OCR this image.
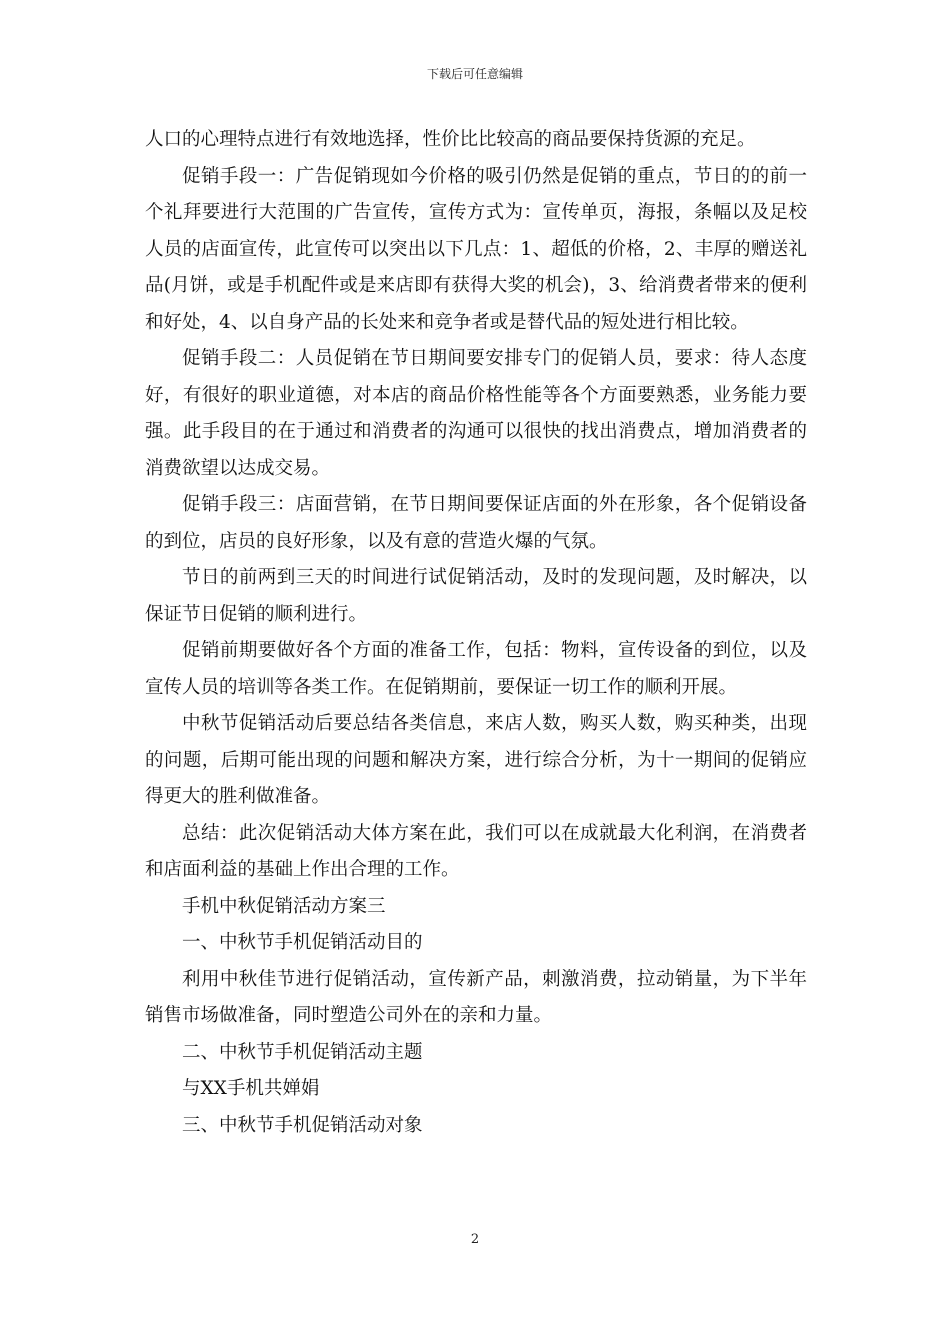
下载后可任意编辑

人口的心理特点进行有效地选择，性价比比较高的商品要保持货源的充足。

促销手段一：广告促销现如今价格的吸引仍然是促销的重点，节日的的前一个礼拜要进行大范围的广告宣传，宣传方式为：宣传单页，海报，条幅以及足校人员的店面宣传，此宣传可以突出以下几点：1、超低的价格，2、丰厚的赠送礼品(月饼，或是手机配件或是来店即有获得大奖的机会)，3、给消费者带来的便利和好处，4、以自身产品的长处来和竞争者或是替代品的短处进行相比较。

促销手段二：人员促销在节日期间要安排专门的促销人员，要求：待人态度好，有很好的职业道德，对本店的商品价格性能等各个方面要熟悉，业务能力要强。此手段目的在于通过和消费者的沟通可以很快的找出消费点，增加消费者的消费欲望以达成交易。

促销手段三：店面营销，在节日期间要保证店面的外在形象，各个促销设备的到位，店员的良好形象，以及有意的营造火爆的气氛。

节日的前两到三天的时间进行试促销活动，及时的发现问题，及时解决，以保证节日促销的顺利进行。

促销前期要做好各个方面的准备工作，包括：物料，宣传设备的到位，以及宣传人员的培训等各类工作。在促销期前，要保证一切工作的顺利开展。

中秋节促销活动后要总结各类信息，来店人数，购买人数，购买种类，出现的问题，后期可能出现的问题和解决方案，进行综合分析，为十一期间的促销应得更大的胜利做准备。

总结：此次促销活动大体方案在此，我们可以在成就最大化利润，在消费者和店面利益的基础上作出合理的工作。

手机中秋促销活动方案三

一、中秋节手机促销活动目的

利用中秋佳节进行促销活动，宣传新产品，刺激消费，拉动销量，为下半年销售市场做准备，同时塑造公司外在的亲和力量。

二、中秋节手机促销活动主题

与XX手机共婵娟

三、中秋节手机促销活动对象

2
